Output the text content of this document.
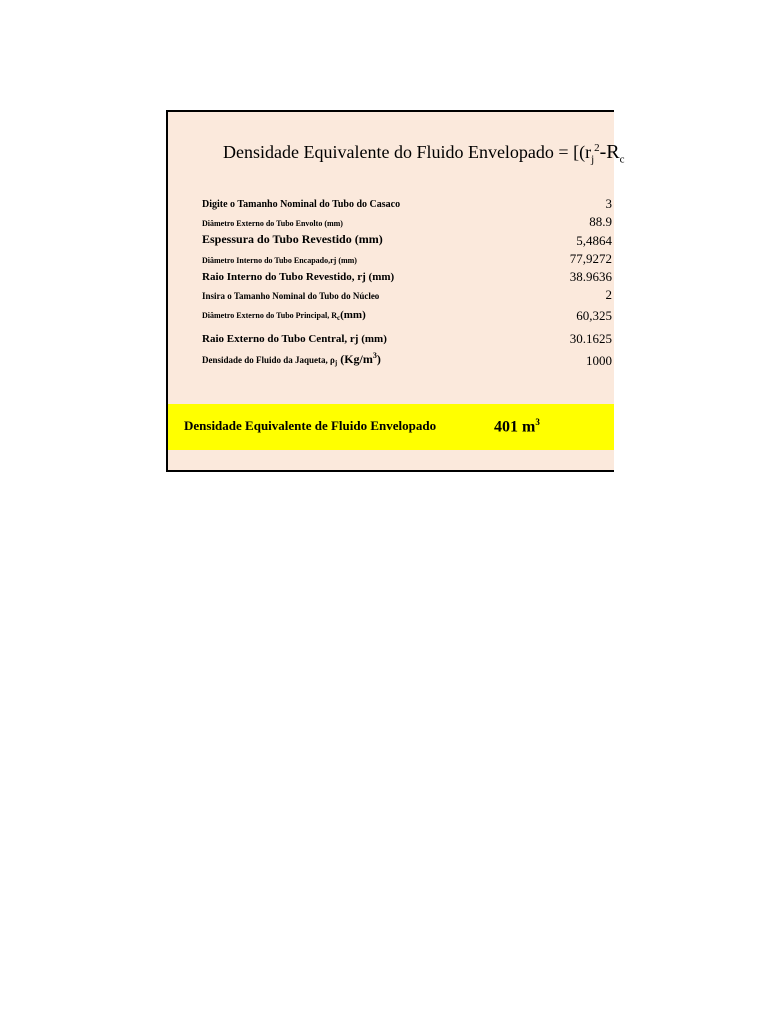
Densidade Equivalente do Fluido Envelopado = [($r_j^2-R_c$
Digite o Tamanho Nominal do Tubo do Casaco	3
Diâmetro Externo do Tubo Envolto (mm)	88.9
Espessura do Tubo Revestido (mm)	5,4864
Diâmetro Interno do Tubo Encapado,rj (mm)	77,9272
Raio Interno do Tubo Revestido, rj (mm)	38.9636
Insira o Tamanho Nominal do Tubo do Núcleo	2
Diâmetro Externo do Tubo Principal, Rc(mm)	60,325
Raio Externo do Tubo Central, rj (mm)	30.1625
Densidade do Fluido da Jaqueta, $\rho_j$ (Kg/m3)	1000
Densidade Equivalente de Fluido Envelopado	401 $m^3$
